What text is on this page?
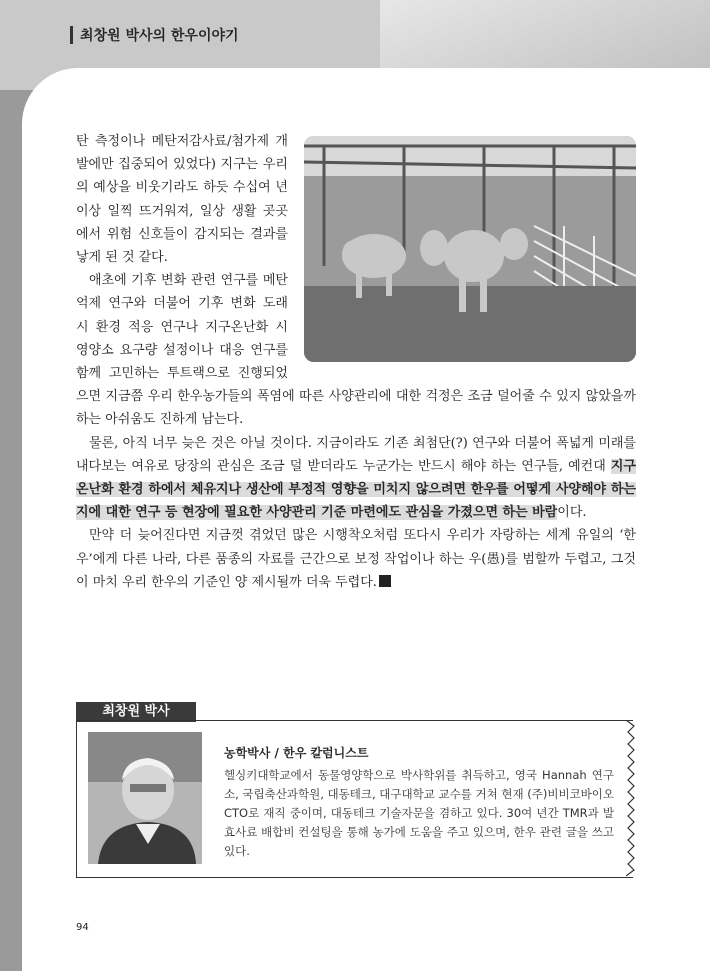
최창원 박사의 한우이야기

탄 측정이나 메탄저감사료/첨가제 개발에만 집중되어 있었다) 지구는 우리의 예상을 비웃기라도 하듯 수십여 년 이상 일찍 뜨거워져, 일상 생활 곳곳에서 위험 신호들이 감지되는 결과를 낳게 된 것 같다.

애초에 기후 변화 관련 연구를 메탄 억제 연구와 더불어 기후 변화 도래 시 환경 적응 연구나 지구온난화 시 영양소 요구량 설정이나 대응 연구를 함께 고민하는 투트랙으로 진행되었으면 지금쯤 우리 한우농가들의 폭염에 따른 사양관리에 대한 걱정은 조금 덜어줄 수 있지 않았을까 하는 아쉬움도 진하게 남는다.

물론, 아직 너무 늦은 것은 아닐 것이다. 지금이라도 기존 최첨단(?) 연구와 더불어 폭넓게 미래를 내다보는 여유로 당장의 관심은 조금 덜 받더라도 누군가는 반드시 해야 하는 연구들, 예컨대 지구온난화 환경 하에서 체유지나 생산에 부정적 영향을 미치지 않으려면 한우를 어떻게 사양해야 하는지에 대한 연구 등 현장에 필요한 사양관리 기준 마련에도 관심을 가졌으면 하는 바람이다.

만약 더 늦어진다면 지금껏 겪었던 많은 시행착오처럼 또다시 우리가 자랑하는 세계 유일의 ‘한우’에게 다른 나라, 다른 품종의 자료를 근간으로 보정 작업이나 하는 우(愚)를 범할까 두렵고, 그것이 마치 우리 한우의 기준인 양 제시될까 더욱 두렵다.

최창원 박사
농학박사 / 한우 칼럼니스트
헬싱키대학교에서 동물영양학으로 박사학위를 취득하고, 영국 Hannah 연구소, 국립축산과학원, 대동테크, 대구대학교 교수를 거쳐 현재 (주)비비코바이오 CTO로 재직 중이며, 대동테크 기술자문을 겸하고 있다. 30여 년간 TMR과 발효사료 배합비 컨설팅을 통해 농가에 도움을 주고 있으며, 한우 관련 글을 쓰고 있다.
94
